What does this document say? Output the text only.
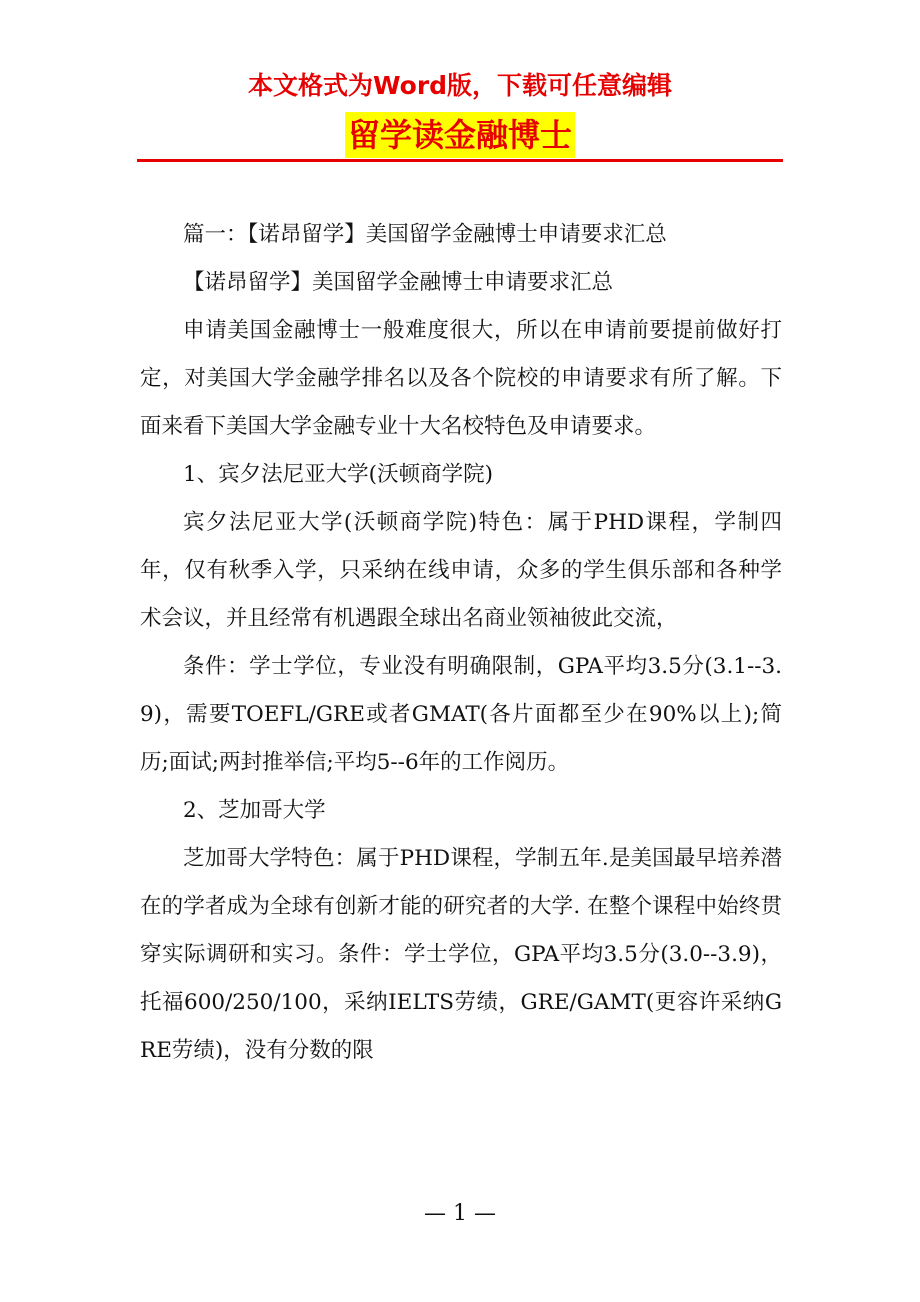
本文格式为Word版，下载可任意编辑
留学读金融博士

篇一：【诺昂留学】美国留学金融博士申请要求汇总

【诺昂留学】美国留学金融博士申请要求汇总

申请美国金融博士一般难度很大，所以在申请前要提前做好打定，对美国大学金融学排名以及各个院校的申请要求有所了解。下面来看下美国大学金融专业十大名校特色及申请要求。

1、宾夕法尼亚大学(沃顿商学院)

宾夕法尼亚大学(沃顿商学院)特色：属于PHD课程，学制四年，仅有秋季入学，只采纳在线申请，众多的学生俱乐部和各种学术会议，并且经常有机遇跟全球出名商业领袖彼此交流，

条件：学士学位，专业没有明确限制，GPA平均3.5分(3.1--3.9)，需要TOEFL/GRE或者GMAT(各片面都至少在90%以上);简历;面试;两封推举信;平均5--6年的工作阅历。

2、芝加哥大学

芝加哥大学特色：属于PHD课程，学制五年.是美国最早培养潜在的学者成为全球有创新才能的研究者的大学. 在整个课程中始终贯穿实际调研和实习。条件：学士学位，GPA平均3.5分(3.0--3.9)，托福600/250/100，采纳IELTS劳绩，GRE/GAMT(更容许采纳GRE劳绩)，没有分数的限

— 1 —
